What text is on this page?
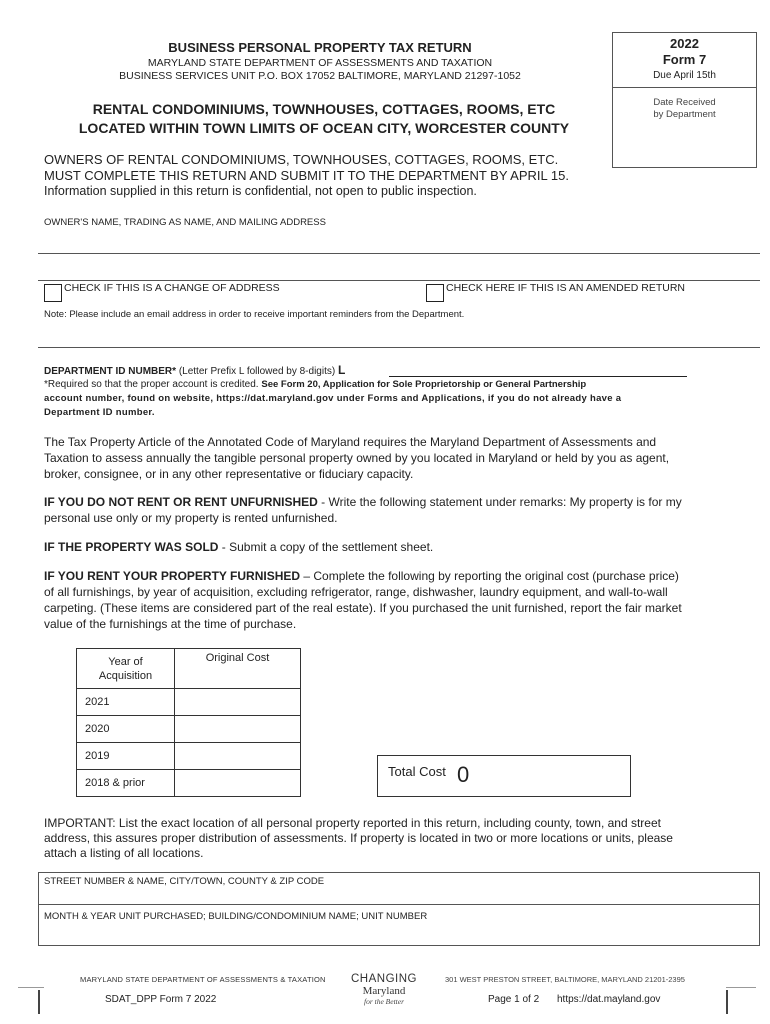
BUSINESS PERSONAL PROPERTY TAX RETURN
MARYLAND STATE DEPARTMENT OF ASSESSMENTS AND TAXATION
BUSINESS SERVICES UNIT P.O. BOX 17052 BALTIMORE, MARYLAND 21297-1052
RENTAL CONDOMINIUMS, TOWNHOUSES, COTTAGES, ROOMS, ETC
LOCATED WITHIN TOWN LIMITS OF OCEAN CITY, WORCESTER COUNTY
2022
Form 7
Due April 15th
Date Received
by Department
OWNERS OF RENTAL CONDOMINIUMS, TOWNHOUSES, COTTAGES, ROOMS, ETC.
MUST COMPLETE THIS RETURN AND SUBMIT IT TO THE DEPARTMENT BY APRIL 15.
Information supplied in this return is confidential, not open to public inspection.
OWNER'S NAME, TRADING AS NAME, AND MAILING ADDRESS
CHECK IF THIS IS A CHANGE OF ADDRESS	CHECK HERE IF THIS IS AN AMENDED RETURN
Note: Please include an email address in order to receive important reminders from the Department.
DEPARTMENT ID NUMBER* (Letter Prefix L followed by 8-digits) L
*Required so that the proper account is credited. See Form 20, Application for Sole Proprietorship or General Partnership
account number, found on website, https://dat.maryland.gov under Forms and Applications, if you do not already have a
Department ID number.
The Tax Property Article of the Annotated Code of Maryland requires the Maryland Department of Assessments and
Taxation to assess annually the tangible personal property owned by you located in Maryland or held by you as agent,
broker, consignee, or in any other representative or fiduciary capacity.
IF YOU DO NOT RENT OR RENT UNFURNISHED - Write the following statement under remarks: My property is for my
personal use only or my property is rented unfurnished.
IF THE PROPERTY WAS SOLD - Submit a copy of the settlement sheet.
IF YOU RENT YOUR PROPERTY FURNISHED – Complete the following by reporting the original cost (purchase price)
of all furnishings, by year of acquisition, excluding refrigerator, range, dishwasher, laundry equipment, and wall-to-wall
carpeting. (These items are considered part of the real estate). If you purchased the unit furnished, report the fair market
value of the furnishings at the time of purchase.
Year of
Acquisition	Original Cost
2021	
2020	
2019	
2018 & prior	
Total Cost 0
IMPORTANT: List the exact location of all personal property reported in this return, including county, town, and street
address, this assures proper distribution of assessments. If property is located in two or more locations or units, please
attach a listing of all locations.
STREET NUMBER & NAME, CITY/TOWN, COUNTY & ZIP CODE
MONTH & YEAR UNIT PURCHASED; BUILDING/CONDOMINIUM NAME; UNIT NUMBER
MARYLAND STATE DEPARTMENT OF ASSESSMENTS & TAXATION	CHANGING
Maryland
for the Better
301 WEST PRESTON STREET, BALTIMORE, MARYLAND 21201-2395
SDAT_DPP Form 7 2022	Page 1 of 2 https://dat.mayland.gov
